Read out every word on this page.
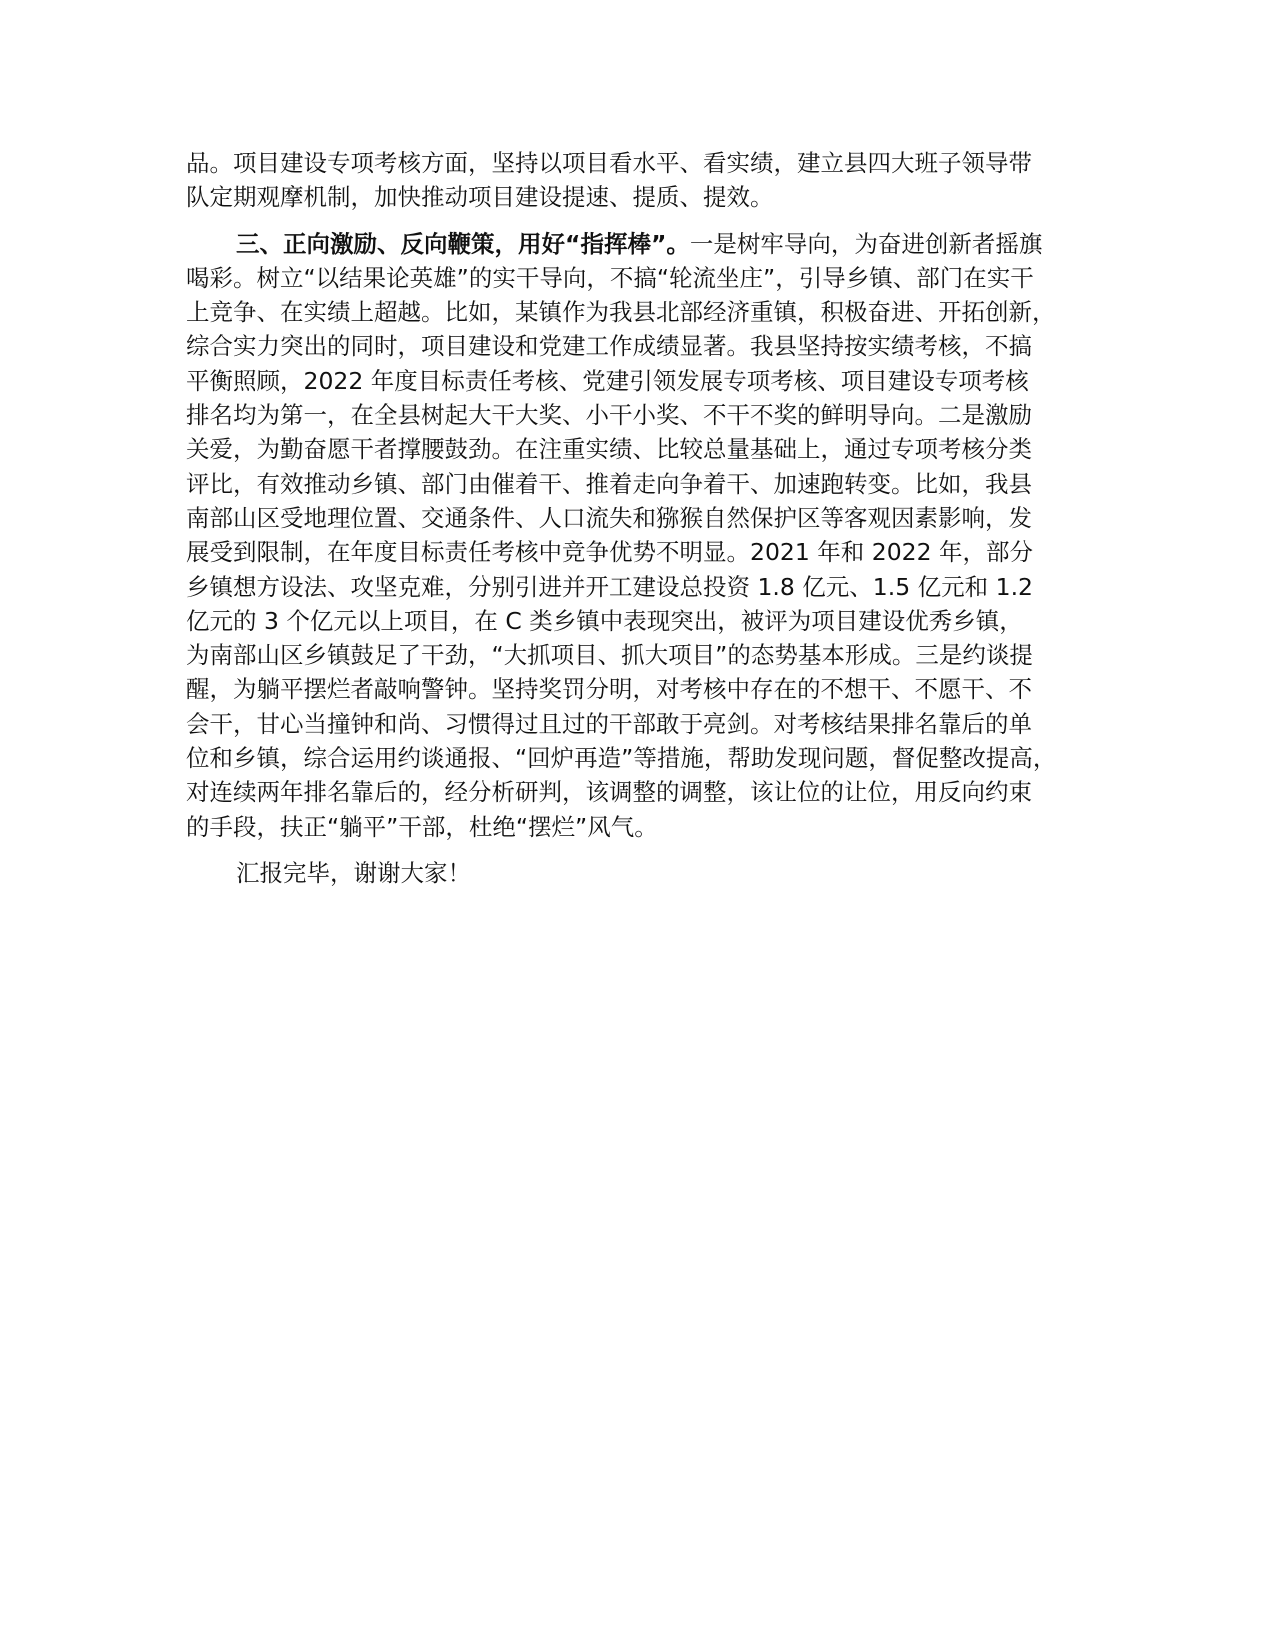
品。项目建设专项考核方面，坚持以项目看水平、看实绩，建立县四大班子领导带
队定期观摩机制，加快推动项目建设提速、提质、提效。
三、正向激励、反向鞭策，用好“指挥棒”。一是树牢导向，为奋进创新者摇旗
喝彩。树立“以结果论英雄”的实干导向，不搞“轮流坐庄”，引导乡镇、部门在实干
上竞争、在实绩上超越。比如，某镇作为我县北部经济重镇，积极奋进、开拓创新，
综合实力突出的同时，项目建设和党建工作成绩显著。我县坚持按实绩考核，不搞
平衡照顾，2022 年度目标责任考核、党建引领发展专项考核、项目建设专项考核
排名均为第一，在全县树起大干大奖、小干小奖、不干不奖的鲜明导向。二是激励
关爱，为勤奋愿干者撑腰鼓劲。在注重实绩、比较总量基础上，通过专项考核分类
评比，有效推动乡镇、部门由催着干、推着走向争着干、加速跑转变。比如，我县
南部山区受地理位置、交通条件、人口流失和猕猴自然保护区等客观因素影响，发
展受到限制，在年度目标责任考核中竞争优势不明显。2021 年和 2022 年，部分
乡镇想方设法、攻坚克难，分别引进并开工建设总投资 1.8 亿元、1.5 亿元和 1.2
亿元的 3 个亿元以上项目，在 C 类乡镇中表现突出，被评为项目建设优秀乡镇，
为南部山区乡镇鼓足了干劲，“大抓项目、抓大项目”的态势基本形成。三是约谈提
醒，为躺平摆烂者敲响警钟。坚持奖罚分明，对考核中存在的不想干、不愿干、不
会干，甘心当撞钟和尚、习惯得过且过的干部敢于亮剑。对考核结果排名靠后的单
位和乡镇，综合运用约谈通报、“回炉再造”等措施，帮助发现问题，督促整改提高，
对连续两年排名靠后的，经分析研判，该调整的调整，该让位的让位，用反向约束
的手段，扶正“躺平”干部，杜绝“摆烂”风气。
汇报完毕，谢谢大家！
